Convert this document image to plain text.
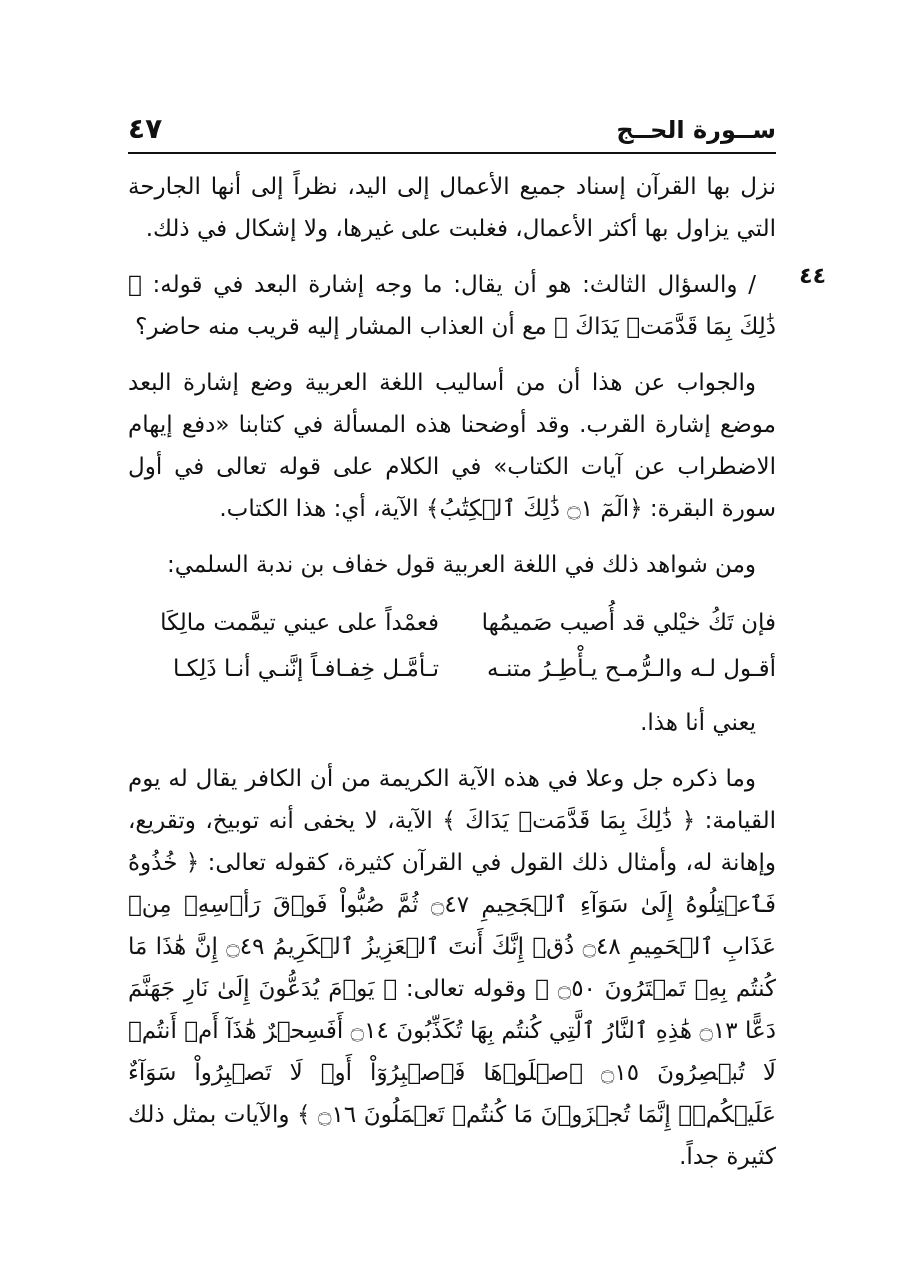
ســورة الحــج
٤٧

نزل بها القرآن إسناد جميع الأعمال إلى اليد، نظراً إلى أنها الجارحة التي يزاول بها أكثر الأعمال، فغلبت على غيرها، ولا إشكال في ذلك.

٤٤

/ والسؤال الثالث: هو أن يقال: ما وجه إشارة البعد في قوله: ﴿ ذَٰلِكَ بِمَا قَدَّمَتۡ يَدَاكَ ﴾ مع أن العذاب المشار إليه قريب منه حاضر؟

والجواب عن هذا أن من أساليب اللغة العربية وضع إشارة البعد موضع إشارة القرب. وقد أوضحنا هذه المسألة في كتابنا «دفع إيهام الاضطراب عن آيات الكتاب» في الكلام على قوله تعالى في أول سورة البقرة: ﴿الٓمٓ ۝١ ذَٰلِكَ ٱلۡكِتَٰبُ﴾ الآية، أي: هذا الكتاب.

ومن شواهد ذلك في اللغة العربية قول خفاف بن ندبة السلمي:

فإن تَكُ خيْلي قد أُصيب صَميمُها
فعمْداً على عيني تيمَّمت مالِكَا
أقـول لـه والـرُّمـح يـأْطِـرُ متنـه
تـأمَّـل خِفـافـاً إنَّنـي أنـا ذَلِكـا

يعني أنا هذا.

وما ذكره جل وعلا في هذه الآية الكريمة من أن الكافر يقال له يوم القيامة: ﴿ ذَٰلِكَ بِمَا قَدَّمَتۡ يَدَاكَ ﴾ الآية، لا يخفى أنه توبيخ، وتقريع، وإهانة له، وأمثال ذلك القول في القرآن كثيرة، كقوله تعالى: ﴿ خُذُوهُ فَٱعۡتِلُوهُ إِلَىٰ سَوَآءِ ٱلۡجَحِيمِ ۝٤٧ ثُمَّ صُبُّواْ فَوۡقَ رَأۡسِهِۦ مِنۡ عَذَابِ ٱلۡحَمِيمِ ۝٤٨ ذُقۡ إِنَّكَ أَنتَ ٱلۡعَزِيزُ ٱلۡكَرِيمُ ۝٤٩ إِنَّ هَٰذَا مَا كُنتُم بِهِۦ تَمۡتَرُونَ ۝٥٠ ﴾ وقوله تعالى: ﴿ يَوۡمَ يُدَعُّونَ إِلَىٰ نَارِ جَهَنَّمَ دَعًّا ۝١٣ هَٰذِهِ ٱلنَّارُ ٱلَّتِي كُنتُم بِهَا تُكَذِّبُونَ ۝١٤ أَفَسِحۡرٌ هَٰذَآ أَمۡ أَنتُمۡ لَا تُبۡصِرُونَ ۝١٥ ٱصۡلَوۡهَا فَٱصۡبِرُوٓاْ أَوۡ لَا تَصۡبِرُواْ سَوَآءٌ عَلَيۡكُمۡۖ إِنَّمَا تُجۡزَوۡنَ مَا كُنتُمۡ تَعۡمَلُونَ ۝١٦ ﴾ والآيات بمثل ذلك كثيرة جداً.
